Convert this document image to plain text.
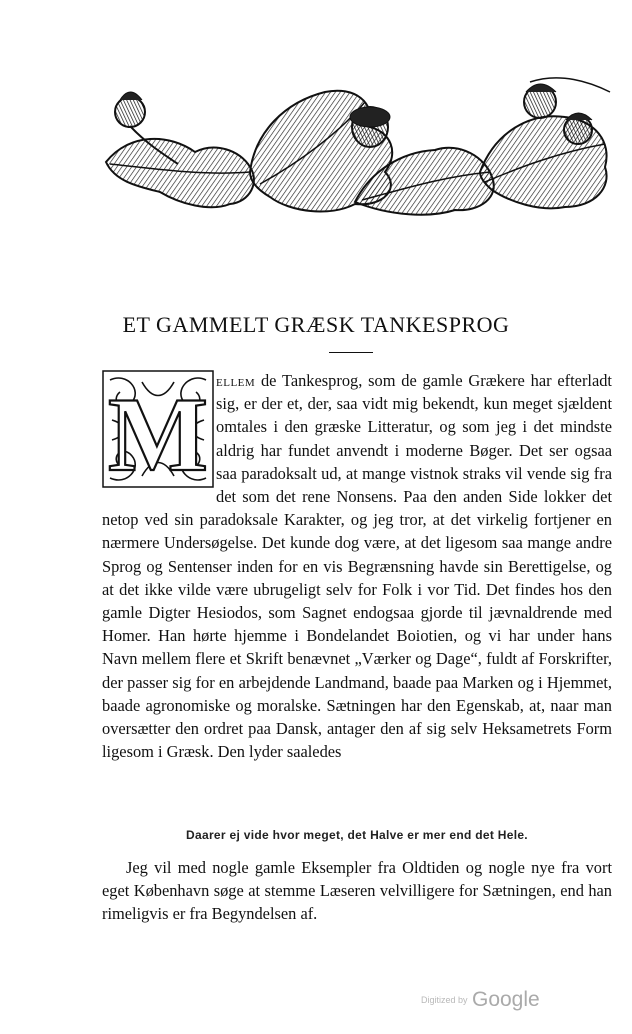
ET GAMMELT GRÆSK TANKESPROG
M ellem de Tankesprog, som de gamle Grækere har efterladt sig, er der et, der, saa vidt mig bekendt, kun meget sjældent omtales i den græske Litteratur, og som jeg i det mindste aldrig har fundet anvendt i moderne Bøger. Det ser ogsaa saa paradoksalt ud, at mange vistnok straks vil vende sig fra det som det rene Nonsens. Paa den anden Side lokker det netop ved sin paradoksale Karakter, og jeg tror, at det virkelig fortjener en nærmere Undersøgelse. Det kunde dog være, at det ligesom saa mange andre Sprog og Sentenser inden for en vis Begrænsning havde sin Berettigelse, og at det ikke vilde være ubrugeligt selv for Folk i vor Tid. Det findes hos den gamle Digter Hesiodos, som Sagnet endogsaa gjorde til jævnaldrende med Homer. Han hørte hjemme i Bondelandet Boiotien, og vi har under hans Navn mellem flere et Skrift benævnet „Værker og Dage“, fuldt af Forskrifter, der passer sig for en arbejdende Landmand, baade paa Marken og i Hjemmet, baade agronomiske og moralske. Sætningen har den Egenskab, at, naar man oversætter den ordret paa Dansk, antager den af sig selv Heksametrets Form ligesom i Græsk. Den lyder saaledes
Daarer ej vide hvor meget, det Halve er mer end det Hele.
Jeg vil med nogle gamle Eksempler fra Oldtiden og nogle nye fra vort eget København søge at stemme Læseren velvilligere for Sætningen, end han rimeligvis er fra Begyndelsen af.
Digitized by Google
